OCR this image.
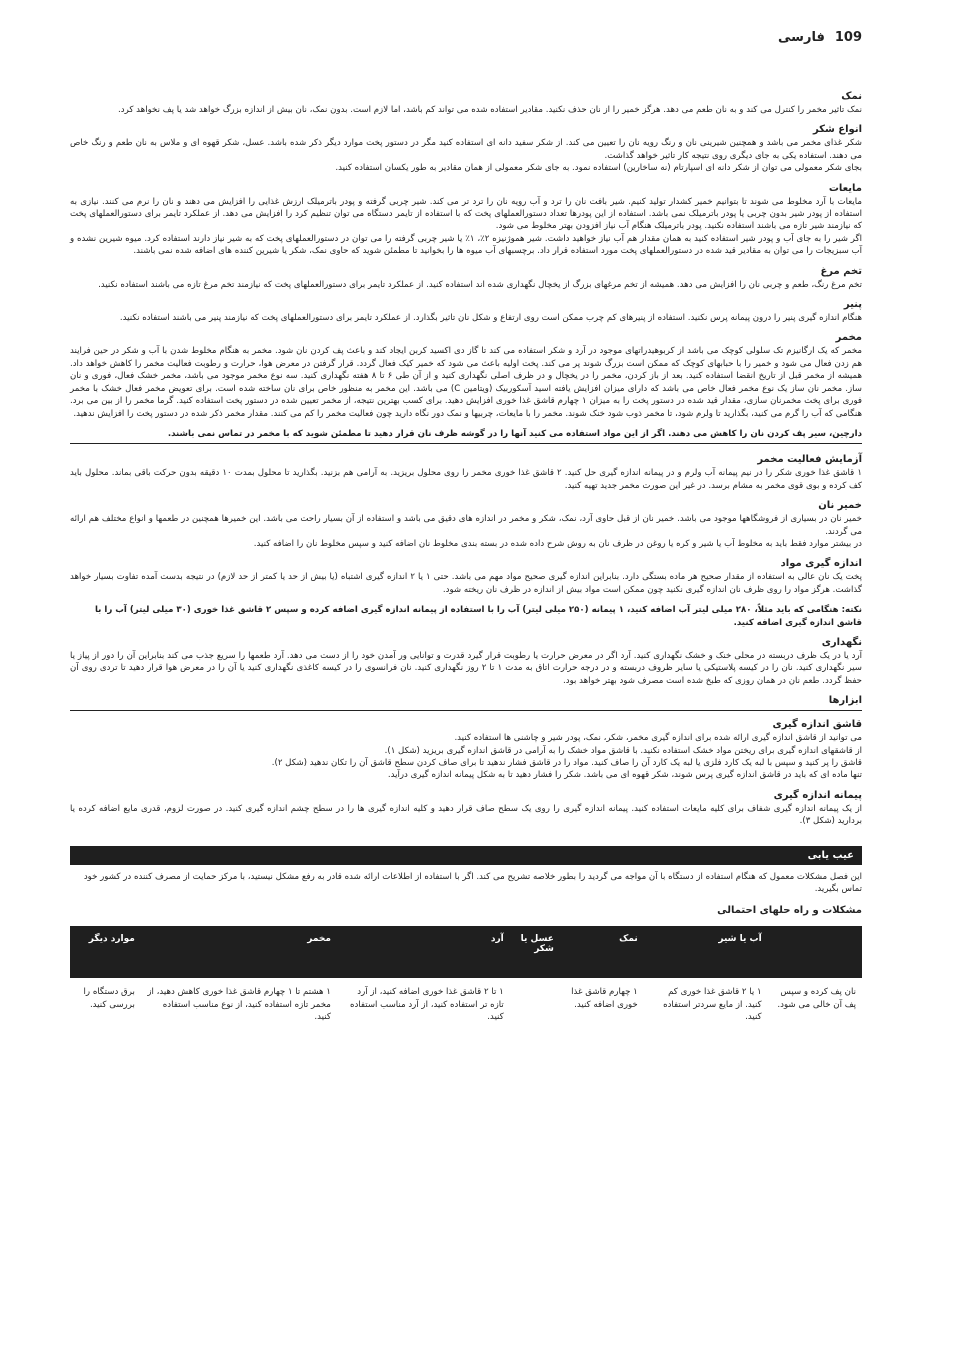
109
فارسی
نمک

نمک تاثیر مخمر را کنترل می کند و به نان طعم می دهد. هرگز خمیر را از نان حذف نکنید. مقادیر استفاده شده می تواند کم باشد، اما لازم است. بدون نمک، نان بیش از اندازه بزرگ خواهد شد یا پف نخواهد کرد.

انواع شکر

شکر غذای مخمر می باشد و همچنین شیرینی نان و رنگ رویه نان را تعیین می کند. از شکر سفید دانه ای استفاده کنید مگر در دستور پخت موارد دیگر ذکر شده باشد. عسل، شکر قهوه ای و ملاس به نان طعم و رنگ خاص می دهند. استفاده یکی به جای دیگری روی نتیجه کار تاثیر خواهد گذاشت.

بجای شکر معمولی می توان از شکر دانه ای اسپارتام (نه ساخارین) استفاده نمود. به جای شکر معمولی از همان مقادیر به طور یکسان استفاده کنید.

مایعات

مایعات با آرد مخلوط می شوند تا بتوانیم خمیر کشدار تولید کنیم. شیر بافت نان را ترد و آب رویه نان را ترد تر می کند. شیر چربی گرفته و پودر باترمیلک ارزش غذایی را افزایش می دهند و نان را نرم می کنند. نیازی به استفاده از پودر شیر بدون چربی یا پودر باترمیلک نمی باشد. استفاده از این پودرها تعداد دستورالعملهای پخت که با استفاده از تایمر دستگاه می توان تنظیم کرد را افزایش می دهد. از عملکرد تایمر برای دستورالعملهای پخت که نیازمند شیر تازه می باشند استفاده نکنید. پودر باترمیلک هنگام آب نیاز افزودن بهتر مخلوط می شود.

اگر شیر را به جای آب و پودر شیر استفاده کنید به همان مقدار هم آب نیاز خواهید داشت. شیر هموژنیزه ۲٪، ۱٪ یا شیر چربی گرفته را می توان در دستورالعملهای پخت که به شیر نیاز دارند استفاده کرد. میوه شیرین نشده و آب سبزیجات را می توان به مقادیر قید شده در دستورالعملهای پخت مورد استفاده قرار داد. برچسبهای آب میوه ها را بخوانید تا مطمئن شوید که حاوی نمک، شکر یا شیرین کننده های اضافه شده نمی باشند.

تخم مرغ

تخم مرغ رنگ، طعم و چربی نان را افزایش می دهد. همیشه از تخم مرغهای بزرگ از یخچال نگهداری شده اند استفاده کنید. از عملکرد تایمر برای دستورالعملهای پخت که نیازمند تخم مرغ تازه می باشند استفاده نکنید.

پنیر

هنگام اندازه گیری پنیر را درون پیمانه پرس نکنید. استفاده از پنیرهای کم چرب ممکن است روی ارتفاع و شکل نان تاثیر بگذارد. از عملکرد تایمر برای دستورالعملهای پخت که نیازمند پنیر می باشند استفاده نکنید.

مخمر

مخمر که یک ارگانیزم تک سلولی کوچک می باشد از کربوهیدراتهای موجود در آرد و شکر استفاده می کند تا گاز دی اکسید کربن ایجاد کند و باعث پف کردن نان شود. مخمر به هنگام مخلوط شدن با آب و شکر در حین فرایند هم زدن فعال می شود و خمیر را با حبابهای کوچک که ممکن است بزرگ شوند پر می کند. پخت اولیه باعث می شود که خمیر کیک فعال گردد. قرار گرفتن در معرض هوا، حرارت و رطوبت فعالیت مخمر را کاهش خواهد داد. همیشه از مخمر قبل از تاریخ انقضا استفاده کنید. بعد از باز کردن، مخمر را در یخچال و در ظرف اصلی نگهداری کنید و از آن طی ۶ تا ۸ هفته نگهداری کنید. سه نوع مخمر موجود می باشد، مخمر خشک فعال، فوری و نان ساز. مخمر نان ساز یک نوع مخمر فعال خاص می باشد که دارای میزان افزایش یافته اسید آسکوربیک (ویتامین C) می باشد. این مخمر به منظور خاص برای نان ساخته شده است. برای تعویض مخمر فعال خشک با مخمر فوری برای پخت مخمرنان سازی، مقدار قید شده در دستور پخت را به میزان ۱ چهارم قاشق غذا خوری افزایش دهید. برای کسب بهترین نتیجه، از مخمر تعیین شده در دستور پخت استفاده کنید. گرما مخمر را از بین می برد. هنگامی که آب را گرم می کنید، بگذارید تا ولرم شود، تا مخمر ذوب شود خنک شوند. مخمر را با مایعات، چربیها و نمک دور نگاه دارید چون فعالیت مخمر را کم می کنند. مقدار مخمر ذکر شده در دستور پخت را افزایش ندهید.

دارچین، سیر پف کردن نان را کاهش می دهند. اگر از این مواد استفاده می کنید آنها را در گوشه ظرف نان قرار دهید تا مطمئن شوید که با مخمر در تماس نمی باشند.
آزمایش فعالیت مخمر

۱ قاشق غذا خوری شکر را در نیم پیمانه آب ولرم و در پیمانه اندازه گیری حل کنید. ۲ قاشق غذا خوری مخمر را روی محلول بریزید. به آرامی هم بزنید. بگذارید تا محلول بمدت ۱۰ دقیقه بدون حرکت باقی بماند. محلول باید کف کرده و بوی قوی مخمر به مشام برسد. در غیر این صورت مخمر جدید تهیه کنید.

خمیر نان

خمیر نان در بسیاری از فروشگاهها موجود می باشد. خمیر نان از قبل حاوی آرد، نمک، شکر و مخمر در اندازه های دقیق می باشد و استفاده از آن بسیار راحت می باشد. این خمیرها همچنین در طعمها و انواع مختلف هم ارائه می گردند.

در بیشتر موارد فقط باید به مخلوط آب یا شیر و کره یا روغن در ظرف نان به روش شرح داده شده در بسته بندی مخلوط نان اضافه کنید و سپس مخلوط نان را اضافه کنید.

اندازه گیری مواد

پخت یک نان عالی به استفاده از مقدار صحیح هر ماده بستگی دارد. بنابراین اندازه گیری صحیح مواد مهم می باشد. حتی ۱ یا ۲ اندازه گیری اشتباه (یا بیش از حد یا کمتر از حد لازم) در نتیجه بدست آمده تفاوت بسیار خواهد گذاشت. هرگز مواد را روی ظرف نان اندازه گیری نکنید چون ممکن است مواد بیش از اندازه در ظرف نان ریخته شود.

نکته: هنگامی که باید مثلاً، ۲۸۰ میلی لیتر آب اضافه کنید، ۱ پیمانه (۲۵۰ میلی لیتر) آب را با استفاده از پیمانه اندازه گیری اضافه کرده و سپس ۲ قاشق غذا خوری (۳۰ میلی لیتر) آب را با قاشق اندازه گیری اضافه کنید.
نگهداری

آرد یا در یک ظرف دربسته در محلی خنک و خشک نگهداری کنید. آرد اگر در معرض حرارت یا رطوبت قرار گیرد قدرت و توانایی ور آمدن خود را از دست می دهد. آرد طعمها را سریع جذب می کند بنابراین آن را دور از پیاز یا سیر نگهداری کنید. نان را در کیسه پلاستیکی یا سایر ظروف دربسته و در درجه حرارت اتاق به مدت ۱ تا ۲ روز نگهداری کنید. نان فرانسوی را در کیسه کاغذی نگهداری کنید یا آن را در معرض هوا قرار دهید تا تردی روی آن حفظ گردد. طعم نان در همان روزی که طبخ شده است مصرف شود بهتر خواهد بود.

ابزارها
قاشق اندازه گیری

می توانید از قاشق اندازه گیری ارائه شده برای اندازه گیری مخمر، شکر، نمک، پودر شیر و چاشنی ها استفاده کنید.

از قاشقهای اندازه گیری برای ریختن مواد خشک استفاده نکنید. با قاشق مواد خشک را به آرامی در قاشق اندازه گیری بریزید (شکل ۱).

قاشق را پر کنید و سپس با لبه یک کارد فلزی یا لبه یک کارد آن را صاف کنید. مواد را در قاشق فشار ندهید تا برای صاف کردن سطح قاشق آن را تکان ندهید (شکل ۲).

تنها ماده ای که باید در قاشق اندازه گیری پرس شوند، شکر قهوه ای می باشد. شکر را فشار دهید تا به شکل پیمانه اندازه گیری درآید.

پیمانه اندازه گیری

از یک پیمانه اندازه گیری شفاف برای کلیه مایعات استفاده کنید. پیمانه اندازه گیری را روی یک سطح صاف قرار دهید و کلیه اندازه گیری ها را در سطح چشم اندازه گیری کنید. در صورت لزوم، قدری مایع اضافه کرده یا بردارید (شکل ۳).

عیب یابی

این فصل مشکلات معمول که هنگام استفاده از دستگاه با آن مواجه می گردید را بطور خلاصه تشریح می کند. اگر با استفاده از اطلاعات ارائه شده قادر به رفع مشکل نیستید، با مرکز حمایت از مصرف کننده در کشور خود تماس بگیرید.

مشکلات و راه حلهای احتمالی
	آب یا شیر	نمک	عسل یا شکر	آرد	مخمر	موارد دیگر
نان پف کرده و سپس پف آن خالی می شود.	۱ یا ۲ قاشق غذا خوری کم کنید. از مایع سردتر استفاده کنید.	۱ چهارم قاشق غذا خوری اضافه کنید.		۱ تا ۲ قاشق غذا خوری اضافه کنید، از آرد تازه تر استفاده کنید، از آرد مناسب استفاده کنید.	۱ هشتم تا ۱ چهارم قاشق غذا خوری کاهش دهید، از مخمر تازه استفاده کنید، از نوع مناسب استفاده کنید.	برق دستگاه را بررسی کنید.
